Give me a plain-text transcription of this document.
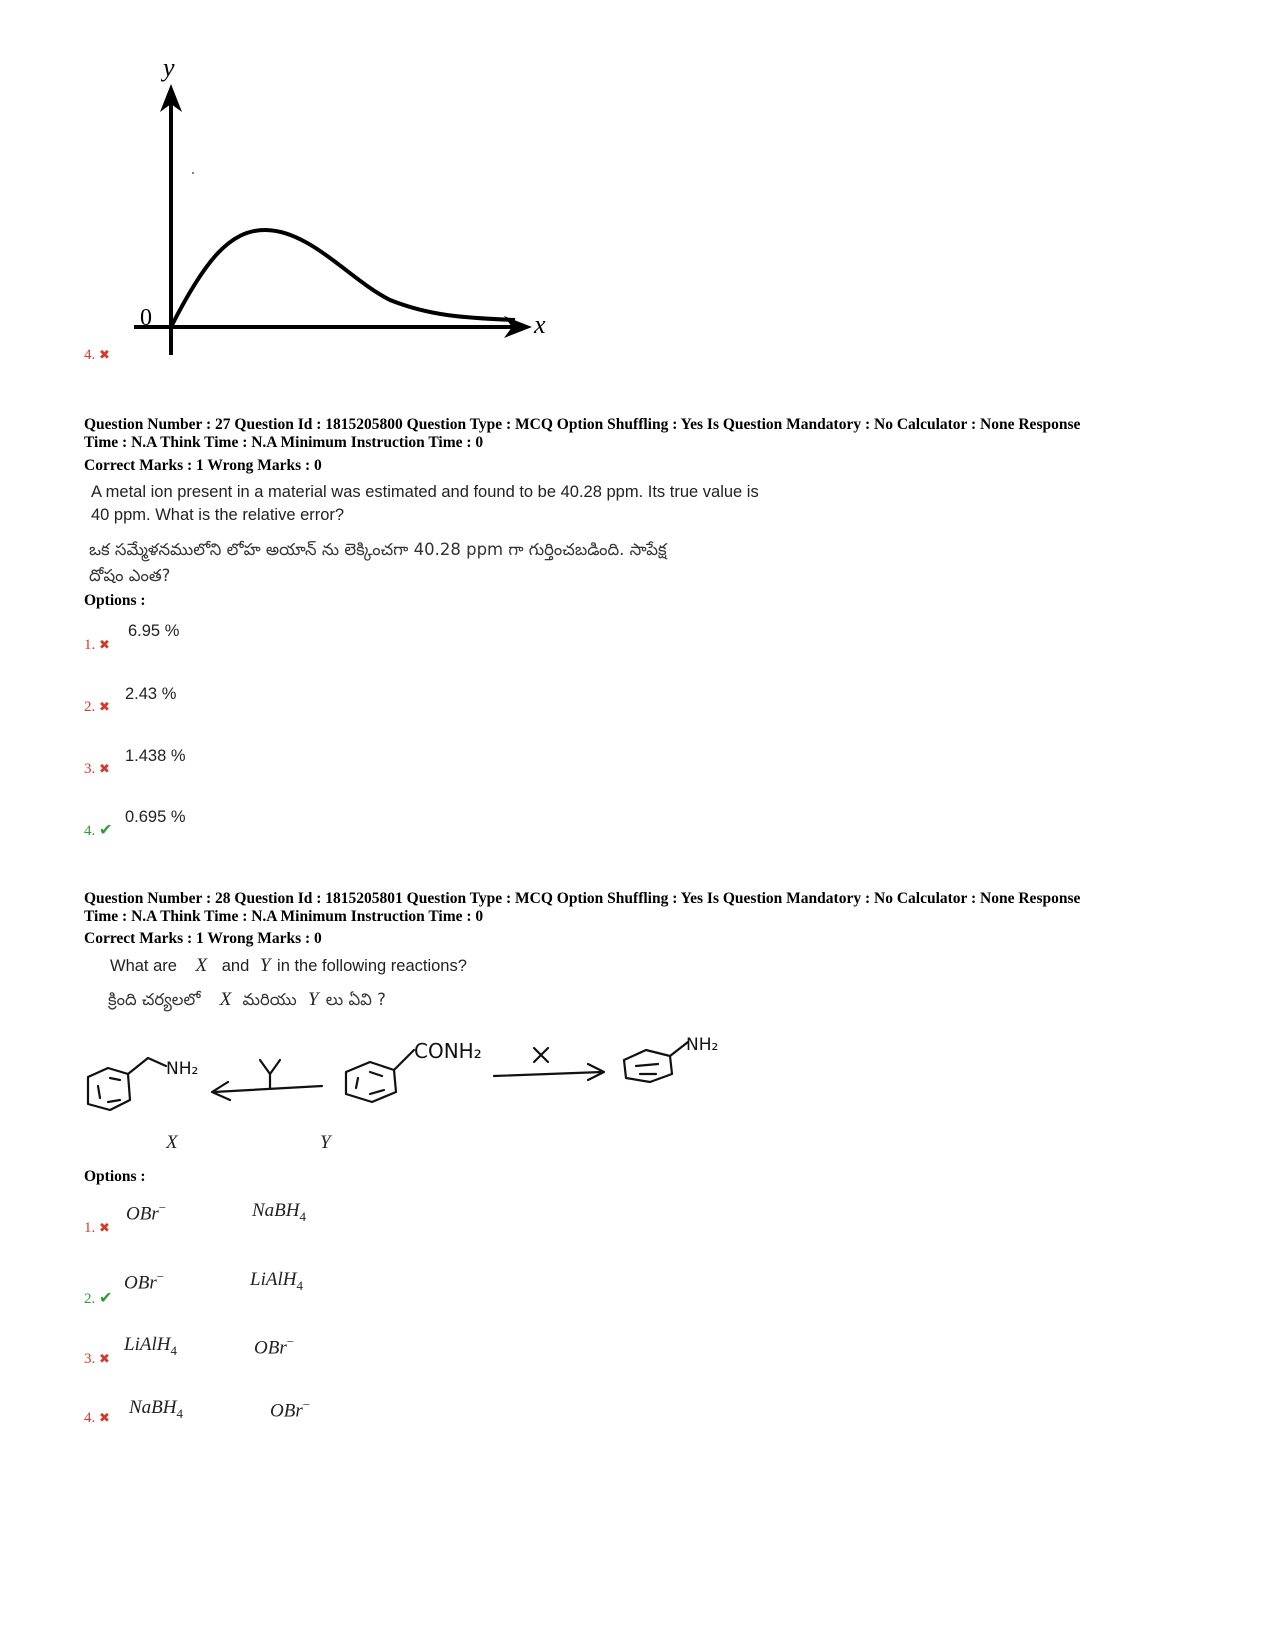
y
x
0
4. ✖
Question Number : 27 Question Id : 1815205800 Question Type : MCQ Option Shuffling : Yes Is Question Mandatory : No Calculator : None Response
Time : N.A Think Time : N.A Minimum Instruction Time : 0
Correct Marks : 1 Wrong Marks : 0
A metal ion present in a material was estimated and found to be 40.28 ppm. Its true value is
40 ppm. What is the relative error?
ఒక సమ్మేళనములోని లోహ అయాన్ ను లెక్కించగా 40.28 ppm గా గుర్తించబడింది. సాపేక్ష
దోషం ఎంత?
Options :
1. ✖
6.95 %
2. ✖
2.43 %
3. ✖
1.438 %
4. ✔
0.695 %
Question Number : 28 Question Id : 1815205801 Question Type : MCQ Option Shuffling : Yes Is Question Mandatory : No Calculator : None Response
Time : N.A Think Time : N.A Minimum Instruction Time : 0
Correct Marks : 1 Wrong Marks : 0
What are X and Y in the following reactions?
క్రింది చర్యలలో X మరియు Y లు ఏవి ?
NH₂
CONH₂	NH₂
X	Y
Options :
1. ✖
OBr−	NaBH$_4$
2. ✔
OBr−	LiAlH$_4$
3. ✖
LiAlH$_4$	OBr−
4. ✖
NaBH$_4$	OBr−
